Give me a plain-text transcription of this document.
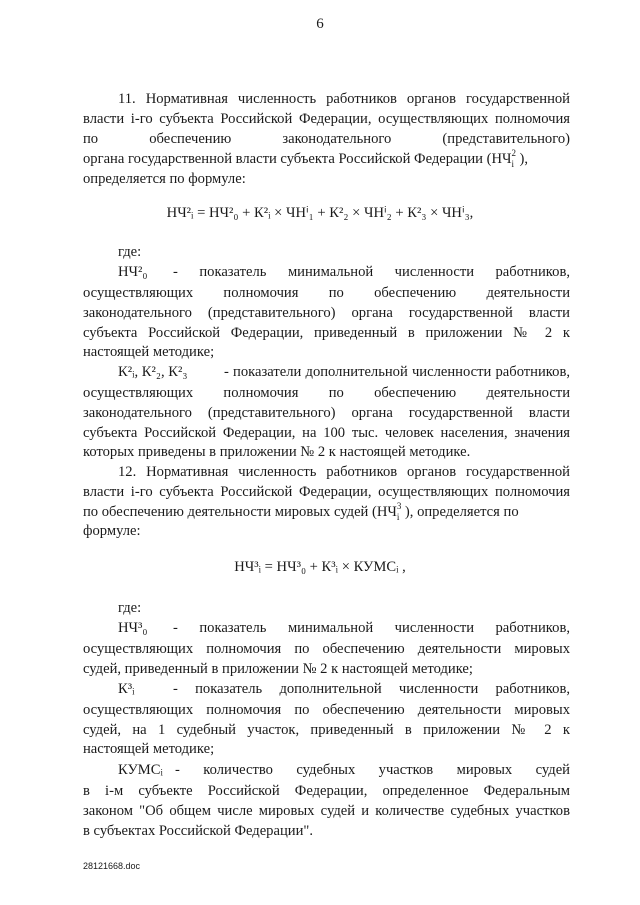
6
11. Нормативная численность работников органов государственной
власти i-го субъекта Российской Федерации, осуществляющих полномочия
по обеспечению законодательного (представительного)
органа государственной власти субъекта Российской Федерации (НЧ 2
i ),
определяется по формуле:
НЧ²ᵢ = НЧ²₀ + К²ᵢ × ЧНⁱ₁ + К²₂ × ЧНⁱ₂ + К²₃ × ЧНⁱ₃,
где:
НЧ²₀	- показатель минимальной численности работников,
осуществляющих полномочия по обеспечению деятельности
законодательного (представительного) органа государственной власти
субъекта Российской Федерации, приведенный в приложении № 2 к
настоящей методике;
К²ᵢ, К²₂, К²₃	- показатели дополнительной численности работников,
осуществляющих полномочия по обеспечению деятельности
законодательного (представительного) органа государственной власти
субъекта Российской Федерации, на 100 тыс. человек населения, значения
которых приведены в приложении № 2 к настоящей методике.
12. Нормативная численность работников органов государственной
власти i-го субъекта Российской Федерации, осуществляющих полномочия
по обеспечению деятельности мировых судей (НЧ 3
i ), определяется по
формуле:
НЧ³ᵢ = НЧ³₀ + К³ᵢ × КУМСᵢ ,
где:
НЧ³₀	- показатель минимальной численности работников,
осуществляющих полномочия по обеспечению деятельности мировых
судей, приведенный в приложении № 2 к настоящей методике;
К³ᵢ	- показатель дополнительной численности работников,
осуществляющих полномочия по обеспечению деятельности мировых
судей, на 1 судебный участок, приведенный в приложении № 2 к
настоящей методике;
КУМСᵢ - количество судебных участков мировых судей
в i-м субъекте Российской Федерации, определенное Федеральным
законом "Об общем числе мировых судей и количестве судебных участков
в субъектах Российской Федерации".
28121668.doc
